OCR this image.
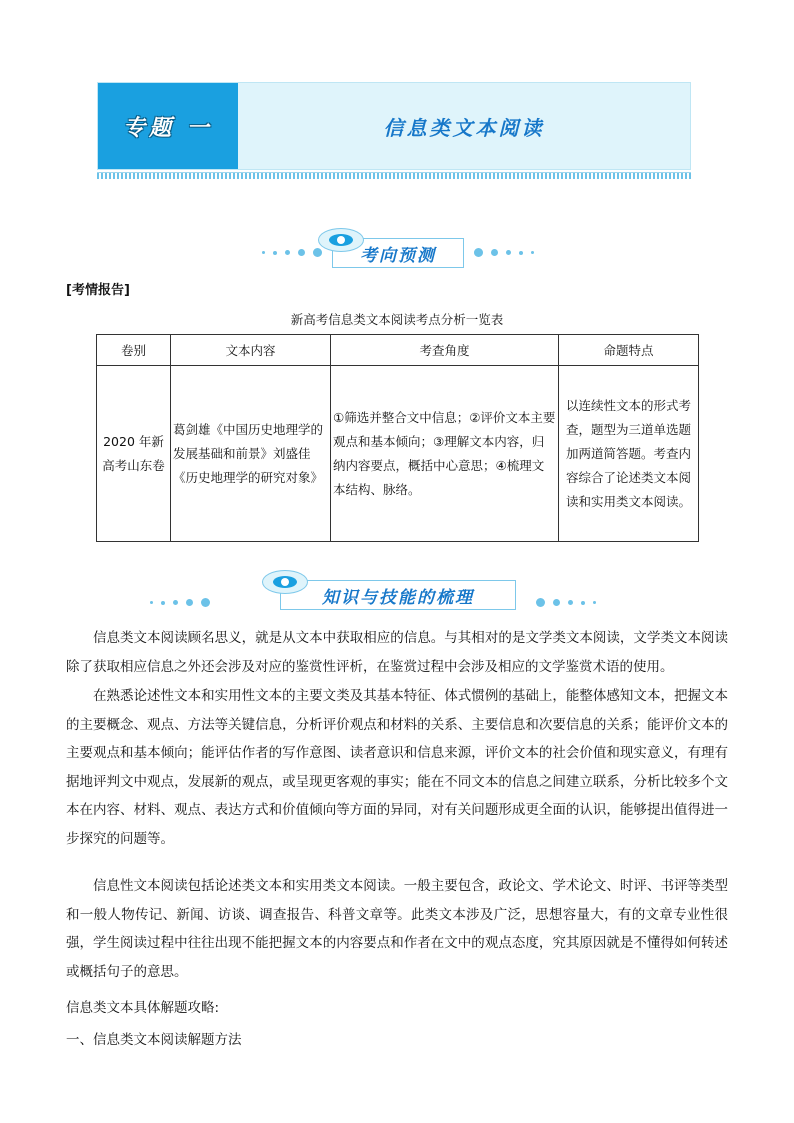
专题 一	信息类文本阅读
考向预测
[考情报告]
新高考信息类文本阅读考点分析一览表
卷别	文本内容	考查角度	命题特点
2020 年新高考山东卷	葛剑雄《中国历史地理学的发展基础和前景》刘盛佳《历史地理学的研究对象》	①筛选并整合文中信息；②评价文本主要观点和基本倾向；③理解文本内容，归纳内容要点，概括中心意思；④梳理文本结构、脉络。	以连续性文本的形式考查，题型为三道单选题加两道简答题。考查内容综合了论述类文本阅读和实用类文本阅读。
知识与技能的梳理

信息类文本阅读顾名思义，就是从文本中获取相应的信息。与其相对的是文学类文本阅读，文学类文本阅读除了获取相应信息之外还会涉及对应的鉴赏性评析，在鉴赏过程中会涉及相应的文学鉴赏术语的使用。

在熟悉论述性文本和实用性文本的主要文类及其基本特征、体式惯例的基础上，能整体感知文本，把握文本的主要概念、观点、方法等关键信息，分析评价观点和材料的关系、主要信息和次要信息的关系；能评价文本的主要观点和基本倾向；能评估作者的写作意图、读者意识和信息来源，评价文本的社会价值和现实意义，有理有据地评判文中观点，发展新的观点，或呈现更客观的事实；能在不同文本的信息之间建立联系，分析比较多个文本在内容、材料、观点、表达方式和价值倾向等方面的异同，对有关问题形成更全面的认识，能够提出值得进一步探究的问题等。

信息性文本阅读包括论述类文本和实用类文本阅读。一般主要包含，政论文、学术论文、时评、书评等类型和一般人物传记、新闻、访谈、调查报告、科普文章等。此类文本涉及广泛，思想容量大，有的文章专业性很强，学生阅读过程中往往出现不能把握文本的内容要点和作者在文中的观点态度，究其原因就是不懂得如何转述或概括句子的意思。

信息类文本具体解题攻略:

一、信息类文本阅读解题方法
